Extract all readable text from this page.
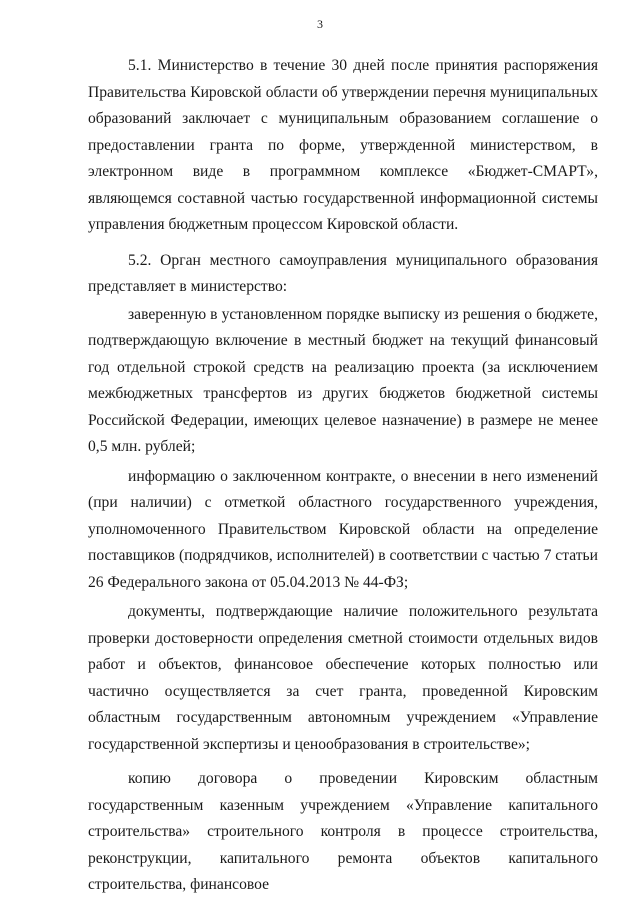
3

5.1. Министерство в течение 30 дней после принятия распоряжения Правительства Кировской области об утверждении перечня муниципальных образований заключает с муниципальным образованием соглашение о предоставлении гранта по форме, утвержденной министерством, в электронном виде в программном комплексе «Бюджет-СМАРТ», являющемся составной частью государственной информационной системы управления бюджетным процессом Кировской области.

5.2. Орган местного самоуправления муниципального образования представляет в министерство:

заверенную в установленном порядке выписку из решения о бюджете, подтверждающую включение в местный бюджет на текущий финансовый год отдельной строкой средств на реализацию проекта (за исключением межбюджетных трансфертов из других бюджетов бюджетной системы Российской Федерации, имеющих целевое назначение) в размере не менее 0,5 млн. рублей;

информацию о заключенном контракте, о внесении в него изменений (при наличии) с отметкой областного государственного учреждения, уполномоченного Правительством Кировской области на определение поставщиков (подрядчиков, исполнителей) в соответствии с частью 7 статьи 26 Федерального закона от 05.04.2013 № 44-ФЗ;

документы, подтверждающие наличие положительного результата проверки достоверности определения сметной стоимости отдельных видов работ и объектов, финансовое обеспечение которых полностью или частично осуществляется за счет гранта, проведенной Кировским областным государственным автономным учреждением «Управление государственной экспертизы и ценообразования в строительстве»;

копию договора о проведении Кировским областным государственным казенным учреждением «Управление капитального строительства» строительного контроля в процессе строительства, реконструкции, капитального ремонта объектов капитального строительства, финансовое
